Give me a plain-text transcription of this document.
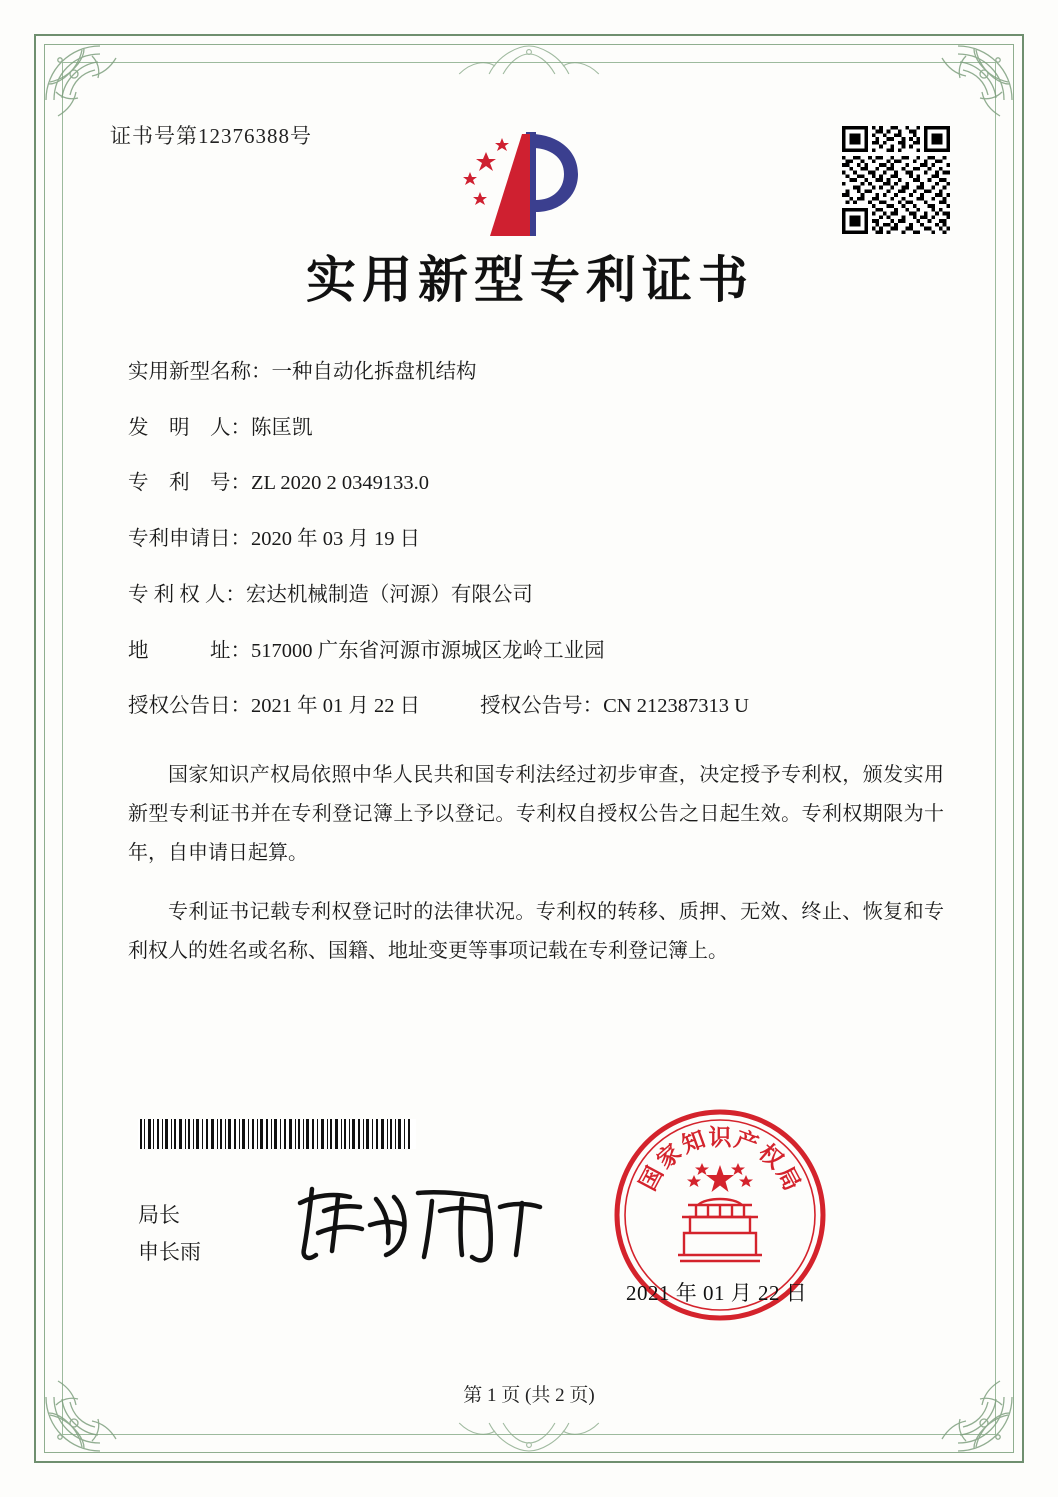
证书号第12376388号
实用新型专利证书
实用新型名称： 一种自动化拆盘机结构
发　明　人： 陈匡凯
专　利　号： ZL 2020 2 0349133.0
专利申请日： 2020 年 03 月 19 日
专 利 权 人： 宏达机械制造（河源）有限公司
地　　　址： 517000 广东省河源市源城区龙岭工业园
授权公告日： 2021 年 01 月 22 日	授权公告号： CN 212387313 U

国家知识产权局依照中华人民共和国专利法经过初步审查，决定授予专利权，颁发实用新型专利证书并在专利登记簿上予以登记。专利权自授权公告之日起生效。专利权期限为十年，自申请日起算。

专利证书记载专利权登记时的法律状况。专利权的转移、质押、无效、终止、恢复和专利权人的姓名或名称、国籍、地址变更等事项记载在专利登记簿上。

局长
申长雨
国
家
知 识 产
权
局
2021 年 01 月 22 日
第 1 页 (共 2 页)
